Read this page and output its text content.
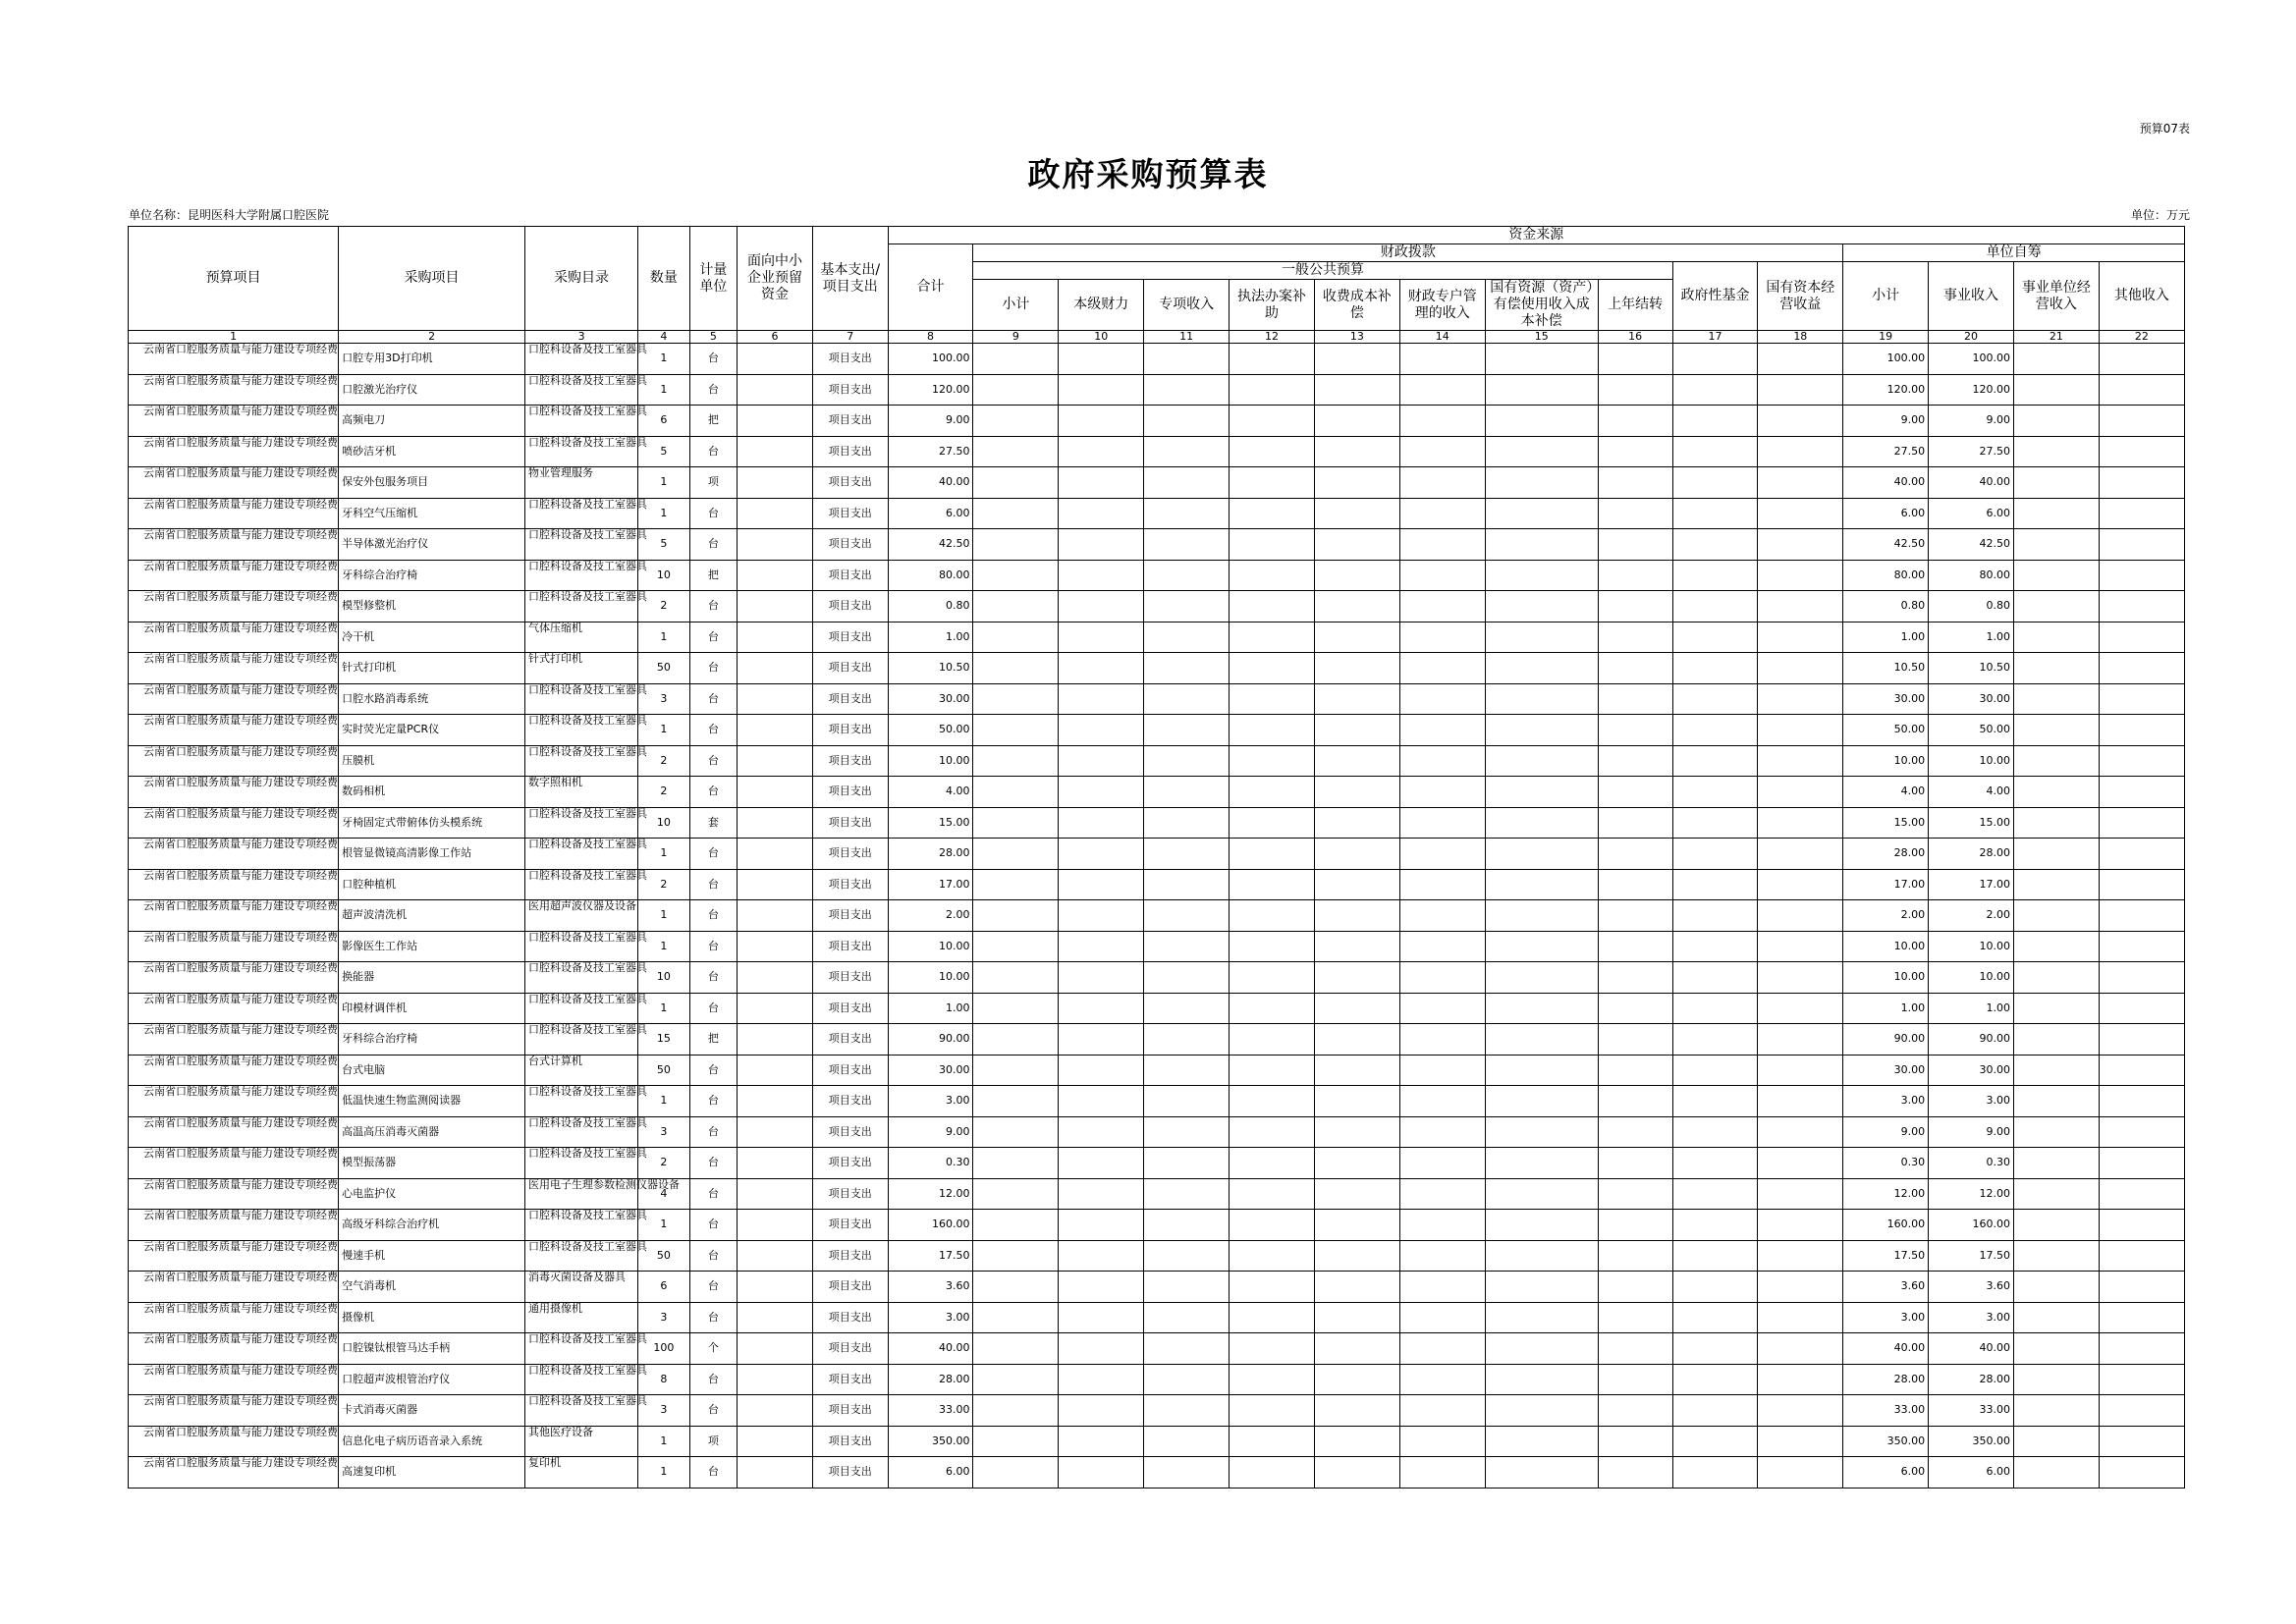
预算07表
政府采购预算表
单位名称：昆明医科大学附属口腔医院	单位：万元
预算项目	采购项目	采购目录	数量	计量单位	面向中小企业预留资金	基本支出/项目支出	资金来源														
							合计	财政拨款										单位自筹			
								一般公共预算								政府性基金	国有资本经营收益	小计	事业收入	事业单位经营收入	其他收入
								小计	本级财力	专项收入	执法办案补助	收费成本补偿	财政专户管理的收入	国有资源（资产）有偿使用收入成本补偿	上年结转						
1	2	3	4	5	6	7	8	9	10	11	12	13	14	15	16	17	18	19	20	21	22
云南省口腔服务质量与能力建设专项经费	口腔专用3D打印机	口腔科设备及技工室器具	1	台		项目支出	100.00											100.00	100.00		
云南省口腔服务质量与能力建设专项经费	口腔激光治疗仪	口腔科设备及技工室器具	1	台		项目支出	120.00											120.00	120.00		
云南省口腔服务质量与能力建设专项经费	高频电刀	口腔科设备及技工室器具	6	把		项目支出	9.00											9.00	9.00		
云南省口腔服务质量与能力建设专项经费	喷砂洁牙机	口腔科设备及技工室器具	5	台		项目支出	27.50											27.50	27.50		
云南省口腔服务质量与能力建设专项经费	保安外包服务项目	物业管理服务	1	项		项目支出	40.00											40.00	40.00		
云南省口腔服务质量与能力建设专项经费	牙科空气压缩机	口腔科设备及技工室器具	1	台		项目支出	6.00											6.00	6.00		
云南省口腔服务质量与能力建设专项经费	半导体激光治疗仪	口腔科设备及技工室器具	5	台		项目支出	42.50											42.50	42.50		
云南省口腔服务质量与能力建设专项经费	牙科综合治疗椅	口腔科设备及技工室器具	10	把		项目支出	80.00											80.00	80.00		
云南省口腔服务质量与能力建设专项经费	模型修整机	口腔科设备及技工室器具	2	台		项目支出	0.80											0.80	0.80		
云南省口腔服务质量与能力建设专项经费	冷干机	气体压缩机	1	台		项目支出	1.00											1.00	1.00		
云南省口腔服务质量与能力建设专项经费	针式打印机	针式打印机	50	台		项目支出	10.50											10.50	10.50		
云南省口腔服务质量与能力建设专项经费	口腔水路消毒系统	口腔科设备及技工室器具	3	台		项目支出	30.00											30.00	30.00		
云南省口腔服务质量与能力建设专项经费	实时荧光定量PCR仪	口腔科设备及技工室器具	1	台		项目支出	50.00											50.00	50.00		
云南省口腔服务质量与能力建设专项经费	压膜机	口腔科设备及技工室器具	2	台		项目支出	10.00											10.00	10.00		
云南省口腔服务质量与能力建设专项经费	数码相机	数字照相机	2	台		项目支出	4.00											4.00	4.00		
云南省口腔服务质量与能力建设专项经费	牙椅固定式带俯体仿头模系统	口腔科设备及技工室器具	10	套		项目支出	15.00											15.00	15.00		
云南省口腔服务质量与能力建设专项经费	根管显微镜高清影像工作站	口腔科设备及技工室器具	1	台		项目支出	28.00											28.00	28.00		
云南省口腔服务质量与能力建设专项经费	口腔种植机	口腔科设备及技工室器具	2	台		项目支出	17.00											17.00	17.00		
云南省口腔服务质量与能力建设专项经费	超声波清洗机	医用超声波仪器及设备	1	台		项目支出	2.00											2.00	2.00		
云南省口腔服务质量与能力建设专项经费	影像医生工作站	口腔科设备及技工室器具	1	台		项目支出	10.00											10.00	10.00		
云南省口腔服务质量与能力建设专项经费	换能器	口腔科设备及技工室器具	10	台		项目支出	10.00											10.00	10.00		
云南省口腔服务质量与能力建设专项经费	印模材调伴机	口腔科设备及技工室器具	1	台		项目支出	1.00											1.00	1.00		
云南省口腔服务质量与能力建设专项经费	牙科综合治疗椅	口腔科设备及技工室器具	15	把		项目支出	90.00											90.00	90.00		
云南省口腔服务质量与能力建设专项经费	台式电脑	台式计算机	50	台		项目支出	30.00											30.00	30.00		
云南省口腔服务质量与能力建设专项经费	低温快速生物监测阅读器	口腔科设备及技工室器具	1	台		项目支出	3.00											3.00	3.00		
云南省口腔服务质量与能力建设专项经费	高温高压消毒灭菌器	口腔科设备及技工室器具	3	台		项目支出	9.00											9.00	9.00		
云南省口腔服务质量与能力建设专项经费	模型振荡器	口腔科设备及技工室器具	2	台		项目支出	0.30											0.30	0.30		
云南省口腔服务质量与能力建设专项经费	心电监护仪	医用电子生理参数检测仪器设备	4	台		项目支出	12.00											12.00	12.00		
云南省口腔服务质量与能力建设专项经费	高级牙科综合治疗机	口腔科设备及技工室器具	1	台		项目支出	160.00											160.00	160.00		
云南省口腔服务质量与能力建设专项经费	慢速手机	口腔科设备及技工室器具	50	台		项目支出	17.50											17.50	17.50		
云南省口腔服务质量与能力建设专项经费	空气消毒机	消毒灭菌设备及器具	6	台		项目支出	3.60											3.60	3.60		
云南省口腔服务质量与能力建设专项经费	摄像机	通用摄像机	3	台		项目支出	3.00											3.00	3.00		
云南省口腔服务质量与能力建设专项经费	口腔镍钛根管马达手柄	口腔科设备及技工室器具	100	个		项目支出	40.00											40.00	40.00		
云南省口腔服务质量与能力建设专项经费	口腔超声波根管治疗仪	口腔科设备及技工室器具	8	台		项目支出	28.00											28.00	28.00		
云南省口腔服务质量与能力建设专项经费	卡式消毒灭菌器	口腔科设备及技工室器具	3	台		项目支出	33.00											33.00	33.00		
云南省口腔服务质量与能力建设专项经费	信息化电子病历语音录入系统	其他医疗设备	1	项		项目支出	350.00											350.00	350.00		
云南省口腔服务质量与能力建设专项经费	高速复印机	复印机	1	台		项目支出	6.00											6.00	6.00		
